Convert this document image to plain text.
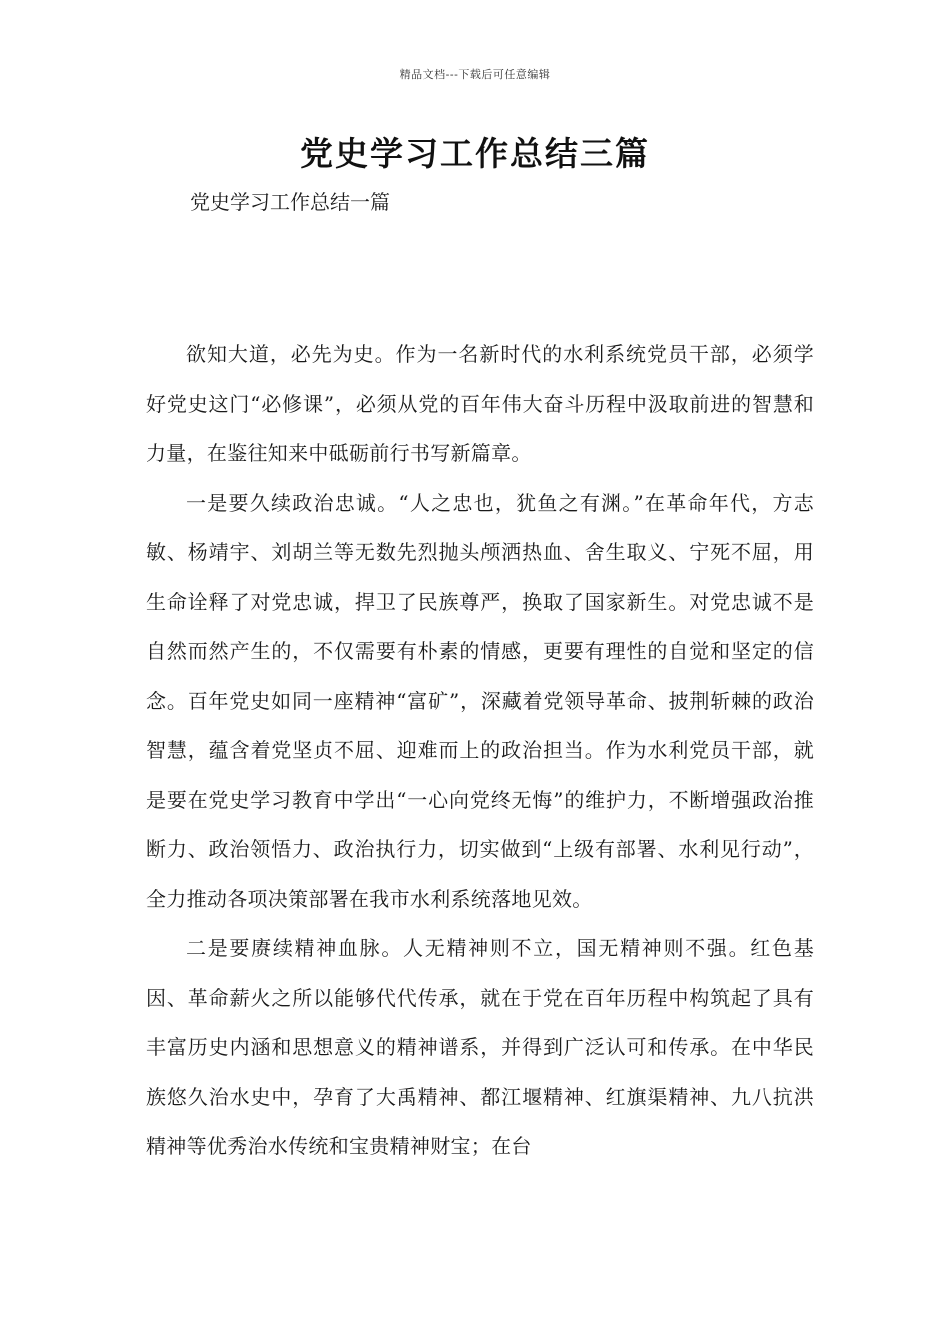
精品文档---下载后可任意编辑
党史学习工作总结三篇
党史学习工作总结一篇

欲知大道，必先为史。作为一名新时代的水利系统党员干部，必须学好党史这门“必修课”，必须从党的百年伟大奋斗历程中汲取前进的智慧和力量，在鉴往知来中砥砺前行书写新篇章。

一是要久续政治忠诚。“人之忠也，犹鱼之有渊。”在革命年代，方志敏、杨靖宇、刘胡兰等无数先烈抛头颅洒热血、舍生取义、宁死不屈，用生命诠释了对党忠诚，捍卫了民族尊严，换取了国家新生。对党忠诚不是自然而然产生的，不仅需要有朴素的情感，更要有理性的自觉和坚定的信念。百年党史如同一座精神“富矿”，深藏着党领导革命、披荆斩棘的政治智慧，蕴含着党坚贞不屈、迎难而上的政治担当。作为水利党员干部，就是要在党史学习教育中学出“一心向党终无悔”的维护力，不断增强政治推断力、政治领悟力、政治执行力，切实做到“上级有部署、水利见行动”，全力推动各项决策部署在我市水利系统落地见效。

二是要赓续精神血脉。人无精神则不立，国无精神则不强。红色基因、革命薪火之所以能够代代传承，就在于党在百年历程中构筑起了具有丰富历史内涵和思想意义的精神谱系，并得到广泛认可和传承。在中华民族悠久治水史中，孕育了大禹精神、都江堰精神、红旗渠精神、九八抗洪精神等优秀治水传统和宝贵精神财宝；在台
